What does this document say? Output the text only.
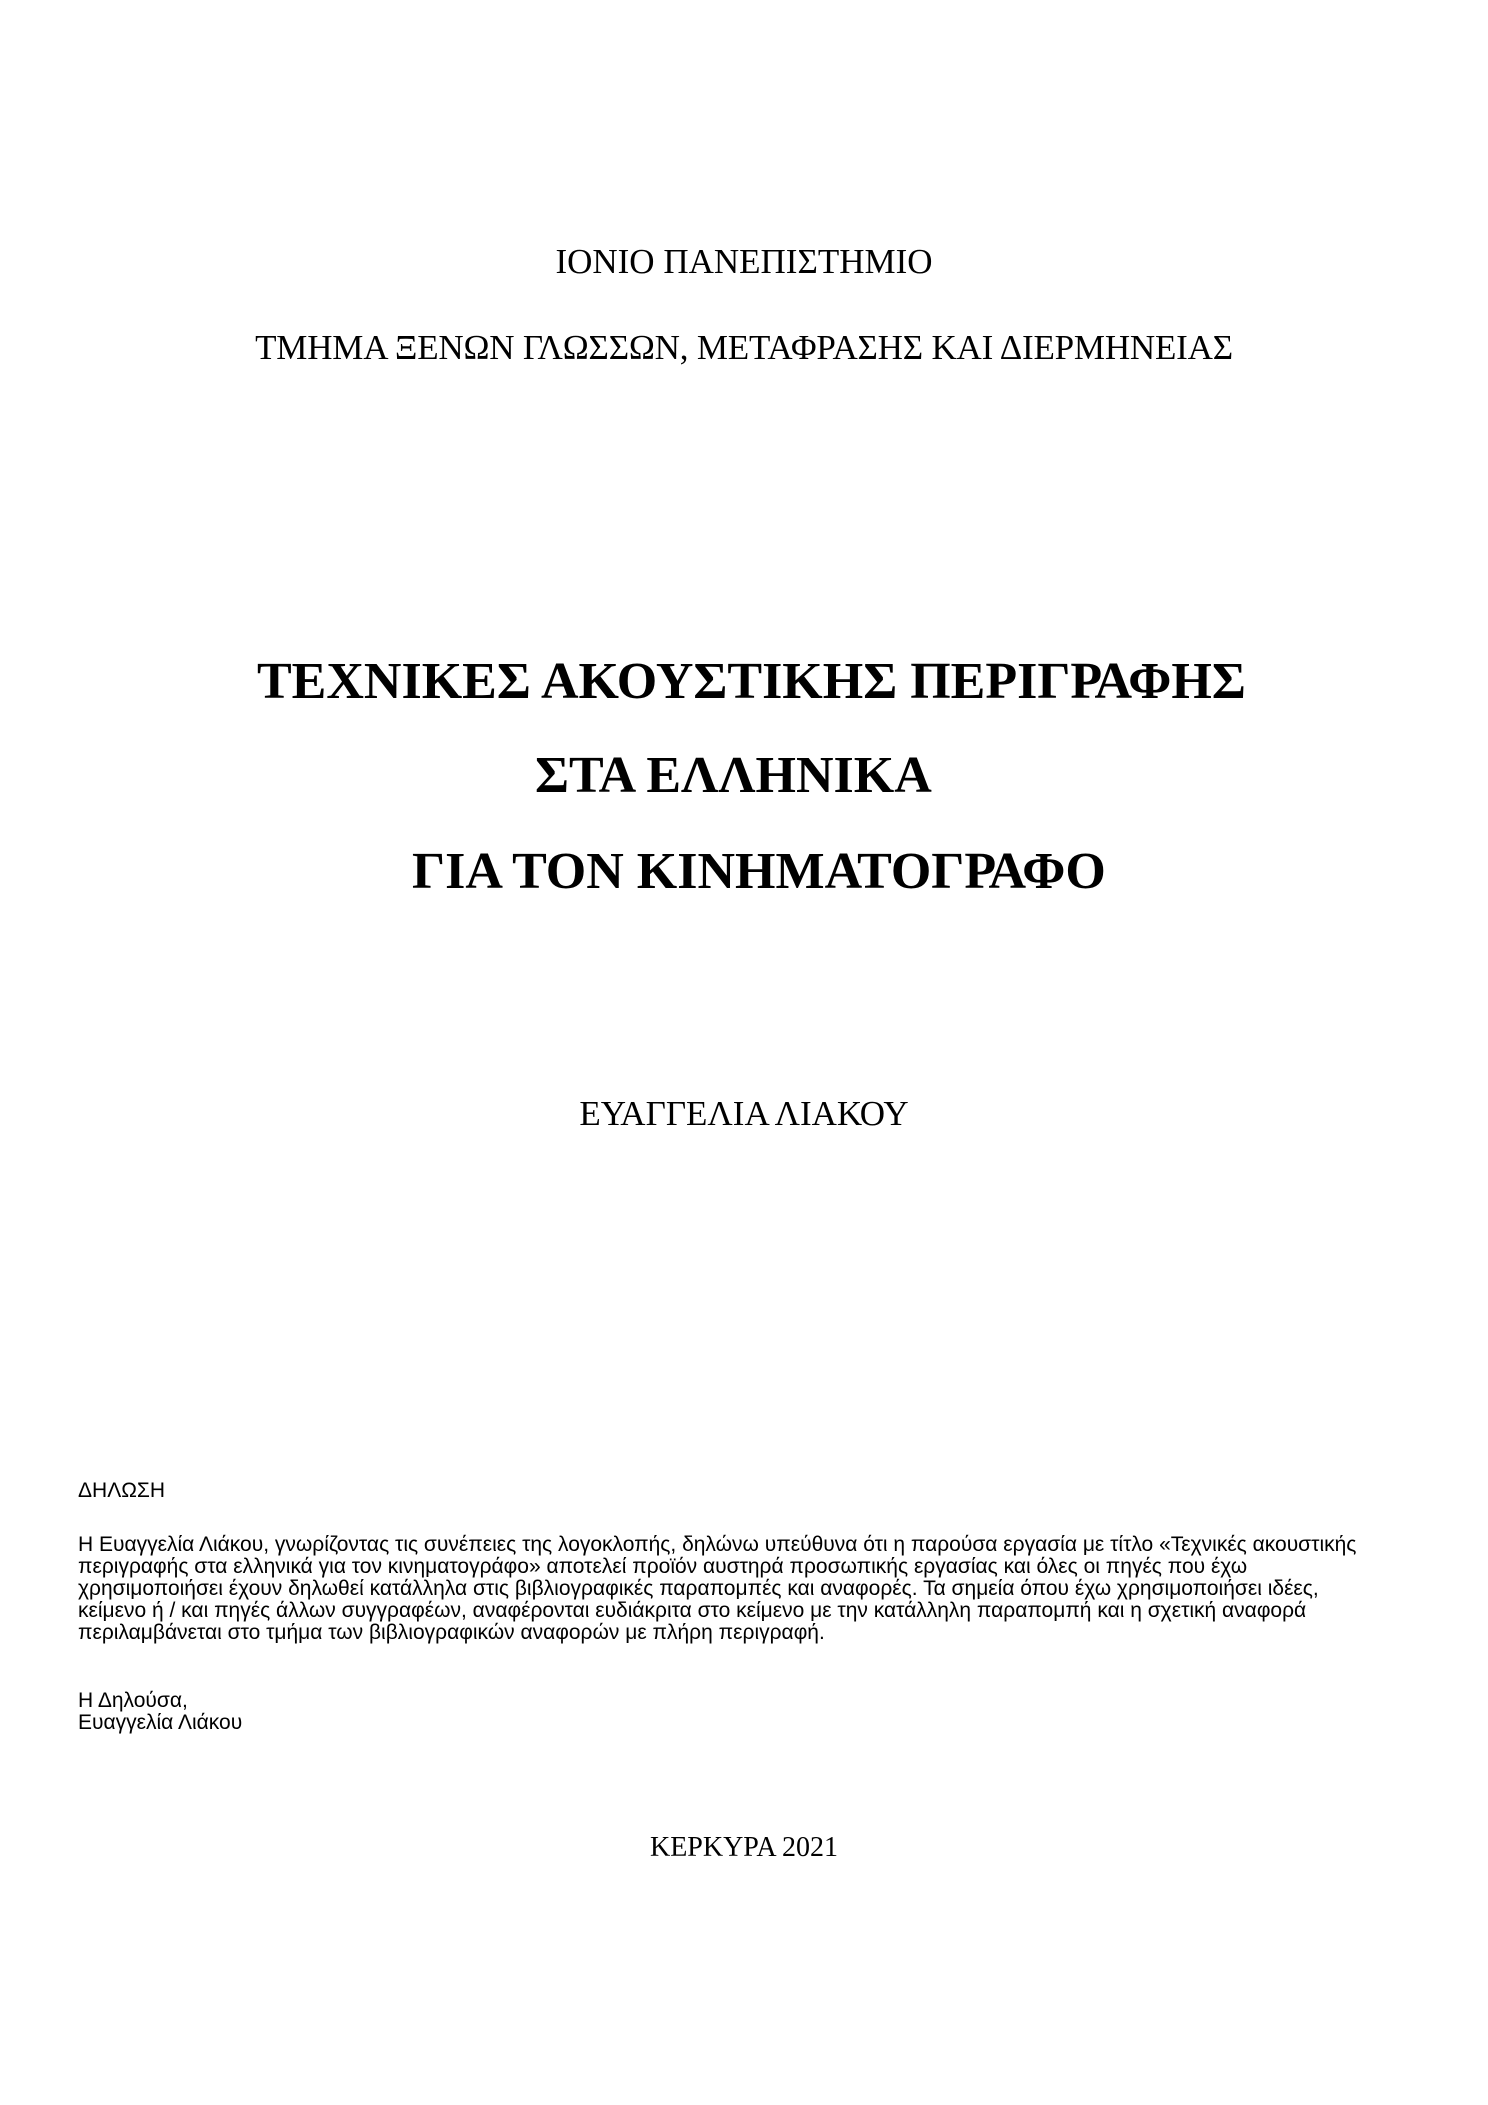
ΙΟΝΙΟ ΠΑΝΕΠΙΣΤΗΜΙΟ
ΤΜΗΜΑ ΞΕΝΩΝ ΓΛΩΣΣΩΝ, ΜΕΤΑΦΡΑΣΗΣ ΚΑΙ ΔΙΕΡΜΗΝΕΙΑΣ
ΤΕΧΝΙΚΕΣ ΑΚΟΥΣΤΙΚΗΣ ΠΕΡΙΓΡΑΦΗΣ
ΣΤΑ ΕΛΛΗΝΙΚΑ
ΓΙΑ ΤΟΝ ΚΙΝΗΜΑΤΟΓΡΑΦΟ
ΕΥΑΓΓΕΛΙΑ ΛΙΑΚΟΥ
ΔΗΛΩΣΗ
Η Ευαγγελία Λιάκου, γνωρίζοντας τις συνέπειες της λογοκλοπής, δηλώνω υπεύθυνα ότι η παρούσα εργασία με τίτλο «Τεχνικές ακουστικής
περιγραφής στα ελληνικά για τον κινηματογράφο» αποτελεί προϊόν αυστηρά προσωπικής εργασίας και όλες οι πηγές που έχω
χρησιμοποιήσει έχουν δηλωθεί κατάλληλα στις βιβλιογραφικές παραπομπές και αναφορές. Τα σημεία όπου έχω χρησιμοποιήσει ιδέες,
κείμενο ή / και πηγές άλλων συγγραφέων, αναφέρονται ευδιάκριτα στο κείμενο με την κατάλληλη παραπομπή και η σχετική αναφορά
περιλαμβάνεται στο τμήμα των βιβλιογραφικών αναφορών με πλήρη περιγραφή.
Η Δηλούσα,
Ευαγγελία Λιάκου
ΚΕΡΚΥΡΑ 2021
